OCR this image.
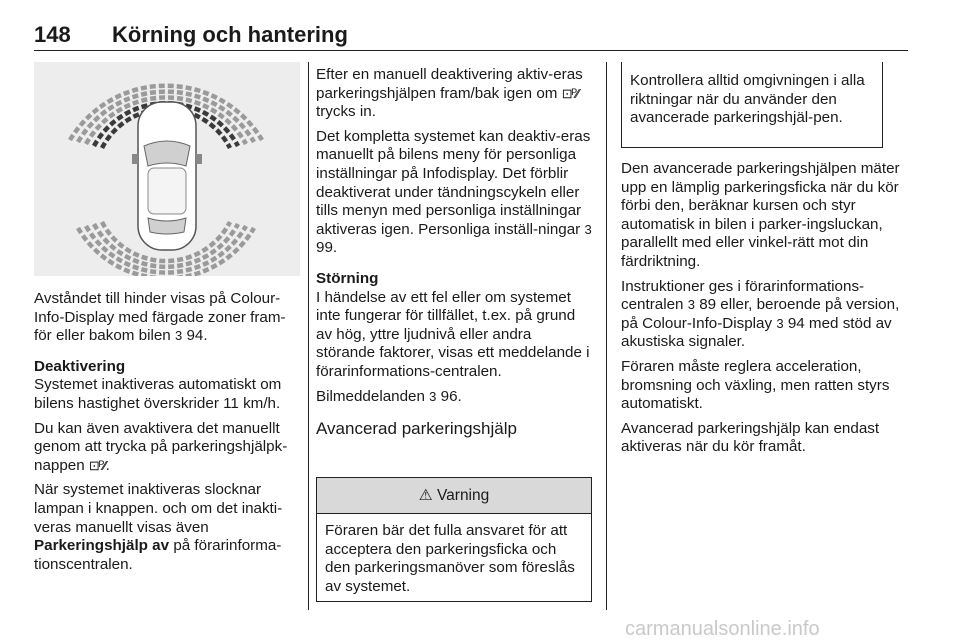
148 Körning och hantering

Avståndet till hinder visas på Colour-Info-Display med färgade zoner fram-för eller bakom bilen 3 94.

Deaktivering
Systemet inaktiveras automatiskt om bilens hastighet överskrider 11 km/h.

Du kan även avaktivera det manuellt genom att trycka på parkeringshjälpk-nappen ⊡ᴾ⁄⁄.

När systemet inaktiveras slocknar lampan i knappen. och om det inakti-veras manuellt visas även Parkeringshjälp av på förarinforma-tionscentralen.

Efter en manuell deaktivering aktiv-eras parkeringshjälpen fram/bak igen om ⊡ᴾ⁄⁄ trycks in.

Det kompletta systemet kan deaktiv-eras manuellt på bilens meny för personliga inställningar på Infodisplay. Det förblir deaktiverat under tändningscykeln eller tills menyn med personliga inställningar aktiveras igen. Personliga inställ-ningar 3 99.

Störning
I händelse av ett fel eller om systemet inte fungerar för tillfället, t.ex. på grund av hög, yttre ljudnivå eller andra störande faktorer, visas ett meddelande i förarinformations-centralen.

Bilmeddelanden 3 96.

Avancerad parkeringshjälp

⚠ Varning
Föraren bär det fulla ansvaret för att acceptera den parkeringsficka och den parkeringsmanöver som föreslås av systemet.
Kontrollera alltid omgivningen i alla riktningar när du använder den avancerade parkeringshjäl-pen.

Den avancerade parkeringshjälpen mäter upp en lämplig parkeringsficka när du kör förbi den, beräknar kursen och styr automatisk in bilen i parker-ingsluckan, parallellt med eller vinkel-rätt mot din färdriktning.

Instruktioner ges i förarinformations-centralen 3 89 eller, beroende på version, på Colour-Info-Display 3 94 med stöd av akustiska signaler.

Föraren måste reglera acceleration, bromsning och växling, men ratten styrs automatiskt.

Avancerad parkeringshjälp kan endast aktiveras när du kör framåt.

carmanualsonline.info
